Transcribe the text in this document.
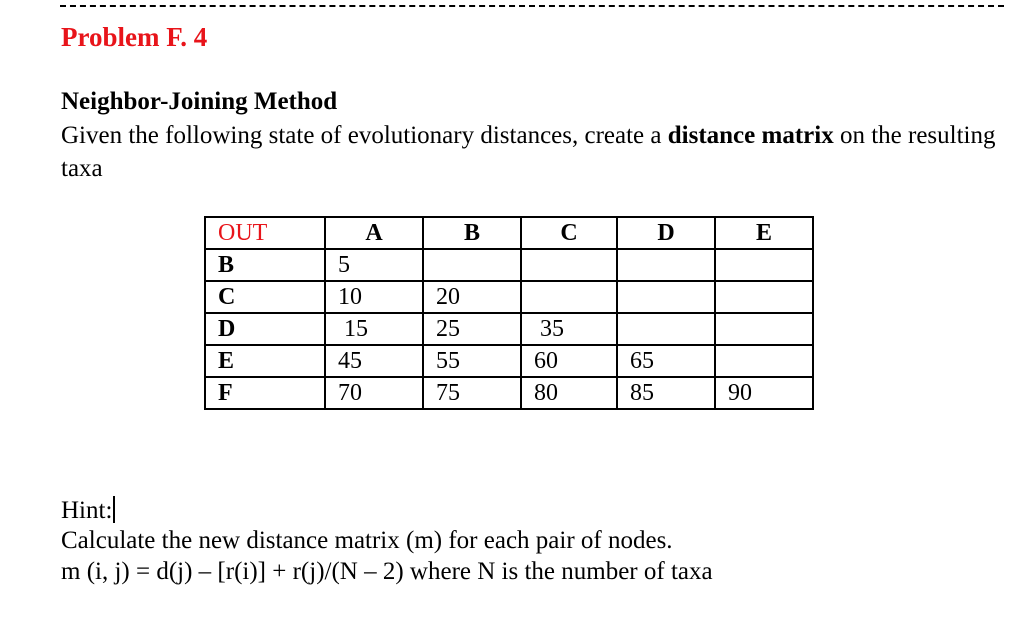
Problem F. 4
Neighbor-Joining Method
Given the following state of evolutionary distances, create a distance matrix on the resulting taxa
OUT	A	B	C	D	E
B	5				
C	10	20			
D	15	25	35		
E	45	55	60	65	
F	70	75	80	85	90
Hint:
Calculate the new distance matrix (m) for each pair of nodes.
m (i, j) = d(j) – [r(i)] + r(j)/(N – 2) where N is the number of taxa
